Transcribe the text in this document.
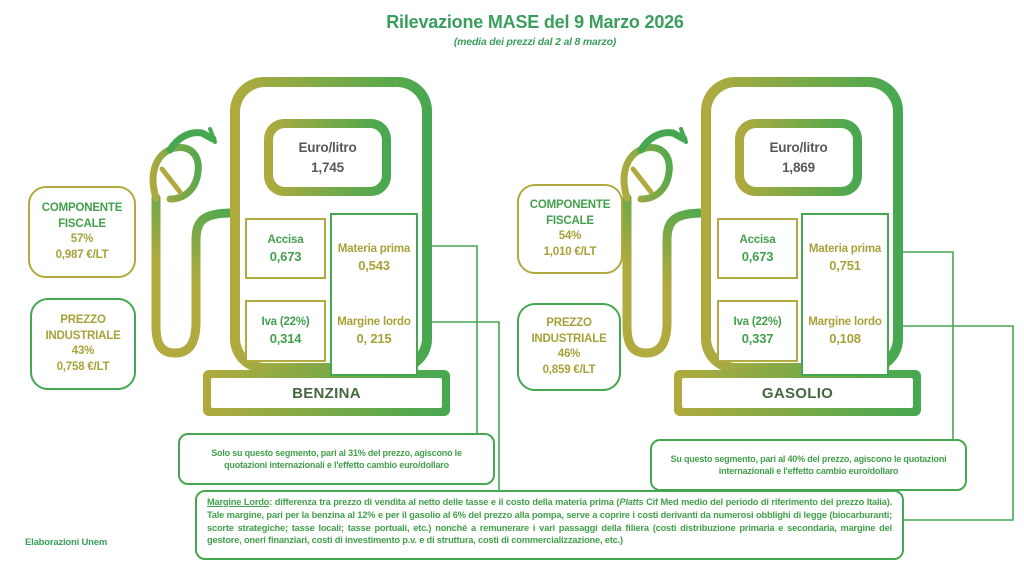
Rilevazione MASE del 9 Marzo 2026
(media dei prezzi dal 2 al 8 marzo)
COMPONENTE FISCALE
57%
0,987 €/LT
PREZZO INDUSTRIALE
43%
0,758 €/LT
Euro/litro
1,745
Accisa
0,673
Iva (22%)
0,314
Materia prima
0,543
Margine lordo
0, 215
BENZINA
Solo su questo segmento, pari al 31% del prezzo, agiscono le quotazioni internazionali e l'effetto cambio euro/dollaro
COMPONENTE FISCALE
54%
1,010 €/LT
PREZZO INDUSTRIALE
46%
0,859 €/LT
Euro/litro
1,869
Accisa
0,673
Iva (22%)
0,337
Materia prima
0,751
Margine lordo
0,108
GASOLIO
Su questo segmento, pari al 40% del prezzo, agiscono le quotazioni internazionali e l'effetto cambio euro/dollaro
Margine Lordo: differenza tra prezzo di vendita al netto delle tasse e il costo della materia prima (Platts Cif Med medio del periodo di riferimento del prezzo Italia). Tale margine, pari per la benzina al 12% e per il gasolio al 6% del prezzo alla pompa, serve a coprire i costi derivanti da numerosi obblighi di legge (biocarburanti; scorte strategiche; tasse locali; tasse portuali, etc.) nonché a remunerare i vari passaggi della filiera (costi distribuzione primaria e secondaria, margine del gestore, oneri finanziari, costi di investimento p.v. e di struttura, costi di commercializzazione, etc.)
Elaborazioni Unem
